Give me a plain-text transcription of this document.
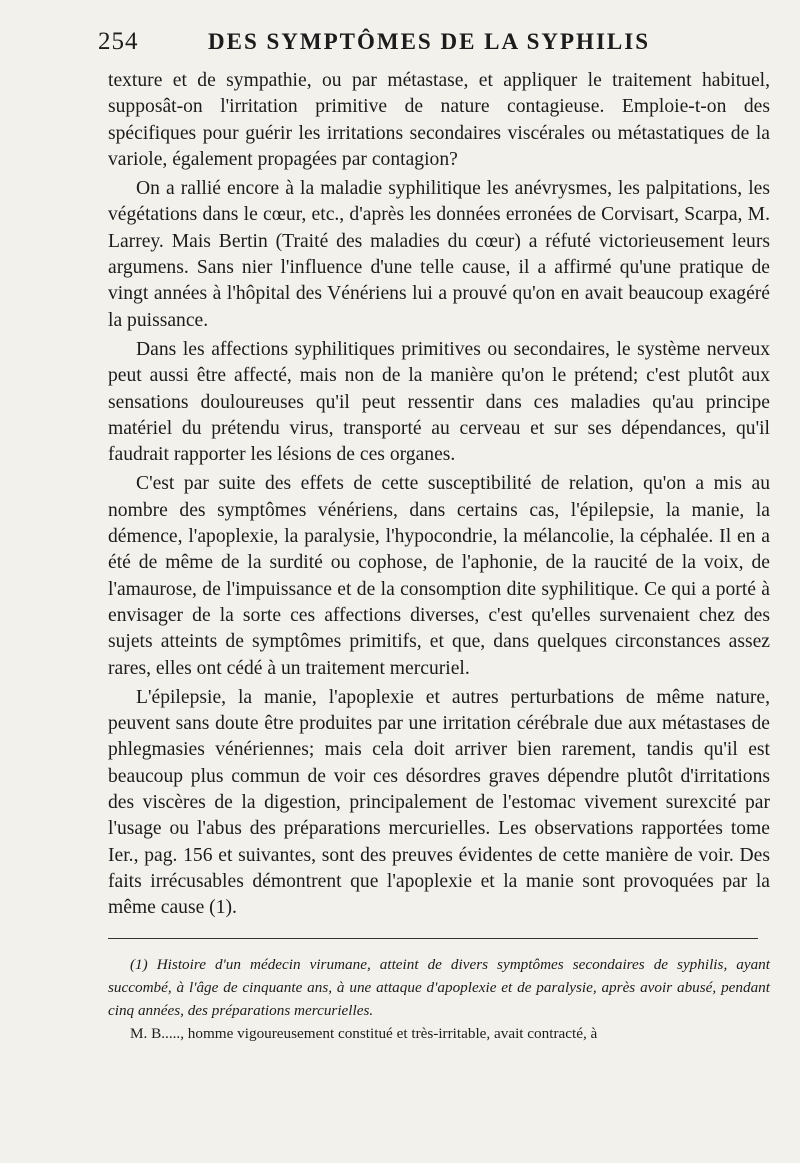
254	DES SYMPTÔMES DE LA SYPHILIS

texture et de sympathie, ou par métastase, et appliquer le traitement habituel, supposât-on l'irritation primitive de nature contagieuse. Emploie-t-on des spécifiques pour guérir les irritations secondaires viscérales ou métastatiques de la variole, également propagées par contagion?

On a rallié encore à la maladie syphilitique les anévrysmes, les palpitations, les végétations dans le cœur, etc., d'après les données erronées de Corvisart, Scarpa, M. Larrey. Mais Bertin (Traité des maladies du cœur) a réfuté victorieusement leurs argumens. Sans nier l'influence d'une telle cause, il a affirmé qu'une pratique de vingt années à l'hôpital des Vénériens lui a prouvé qu'on en avait beaucoup exagéré la puissance.

Dans les affections syphilitiques primitives ou secondaires, le système nerveux peut aussi être affecté, mais non de la manière qu'on le prétend; c'est plutôt aux sensations douloureuses qu'il peut ressentir dans ces maladies qu'au principe matériel du prétendu virus, transporté au cerveau et sur ses dépendances, qu'il faudrait rapporter les lésions de ces organes.

C'est par suite des effets de cette susceptibilité de relation, qu'on a mis au nombre des symptômes vénériens, dans certains cas, l'épilepsie, la manie, la démence, l'apoplexie, la paralysie, l'hypocondrie, la mélancolie, la céphalée. Il en a été de même de la surdité ou cophose, de l'aphonie, de la raucité de la voix, de l'amaurose, de l'impuissance et de la consomption dite syphilitique. Ce qui a porté à envisager de la sorte ces affections diverses, c'est qu'elles survenaient chez des sujets atteints de symptômes primitifs, et que, dans quelques circonstances assez rares, elles ont cédé à un traitement mercuriel.

L'épilepsie, la manie, l'apoplexie et autres perturbations de même nature, peuvent sans doute être produites par une irritation cérébrale due aux métastases de phlegmasies vénériennes; mais cela doit arriver bien rarement, tandis qu'il est beaucoup plus commun de voir ces désordres graves dépendre plutôt d'irritations des viscères de la digestion, principalement de l'estomac vivement surexcité par l'usage ou l'abus des préparations mercurielles. Les observations rapportées tome Ier., pag. 156 et suivantes, sont des preuves évidentes de cette manière de voir. Des faits irrécusables démontrent que l'apoplexie et la manie sont provoquées par la même cause (1).

(1) Histoire d'un médecin virumane, atteint de divers symptômes secondaires de syphilis, ayant succombé, à l'âge de cinquante ans, à une attaque d'apoplexie et de paralysie, après avoir abusé, pendant cinq années, des préparations mercurielles.

M. B....., homme vigoureusement constitué et très-irritable, avait contracté, à
